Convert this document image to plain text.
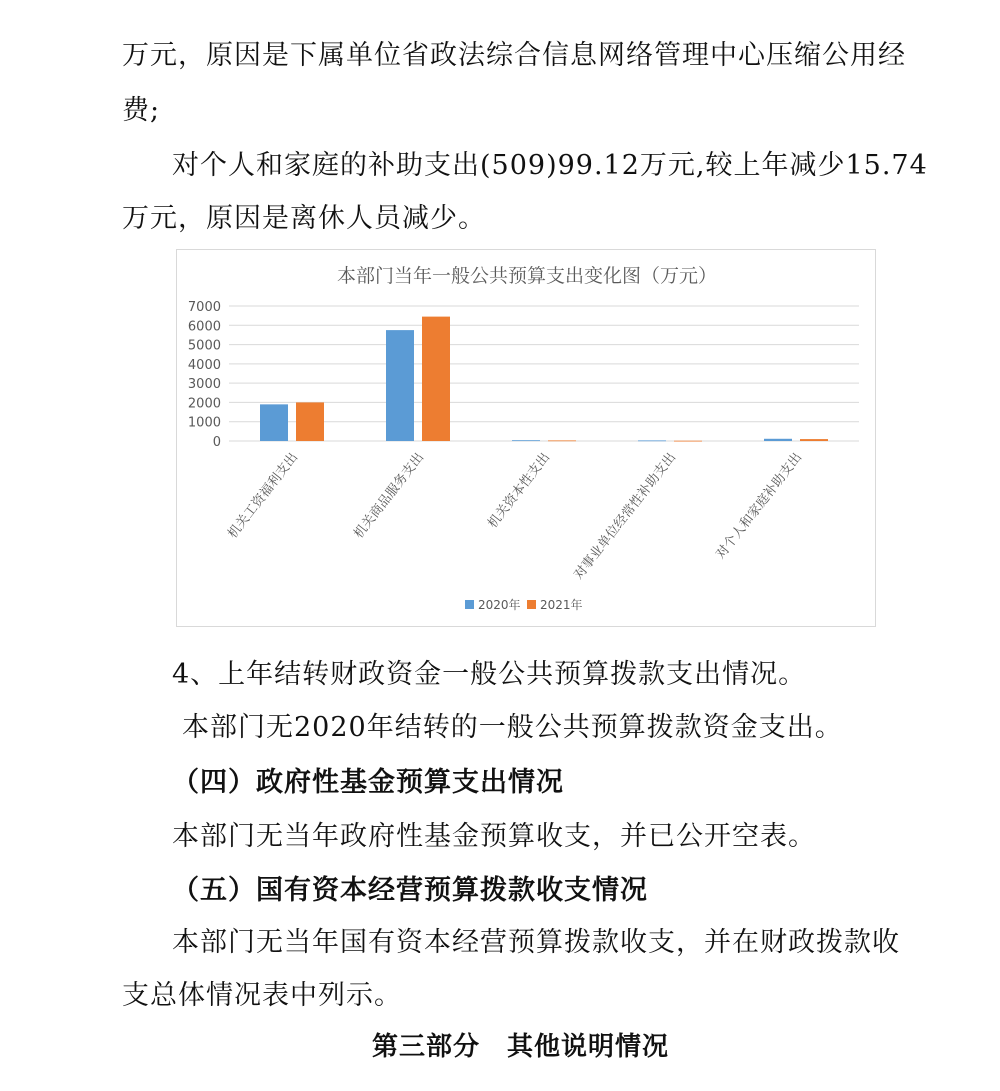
万元，原因是下属单位省政法综合信息网络管理中心压缩公用经
费;
对个人和家庭的补助支出(509)99.12万元,较上年减少15.74
万元，原因是离休人员减少。
本部门当年一般公共预算支出变化图（万元）
0
1000
2000
3000
4000
5000
6000
7000
机关工资福利支出	机关商品服务支出	机关资本性支出 对事业单位经常性补助支出	对个人和家庭补助支出
2020年 2021年
4、上年结转财政资金一般公共预算拨款支出情况。
本部门无2020年结转的一般公共预算拨款资金支出。
（四）政府性基金预算支出情况
本部门无当年政府性基金预算收支，并已公开空表。
（五）国有资本经营预算拨款收支情况
本部门无当年国有资本经营预算拨款收支，并在财政拨款收
支总体情况表中列示。
第三部分　其他说明情况
